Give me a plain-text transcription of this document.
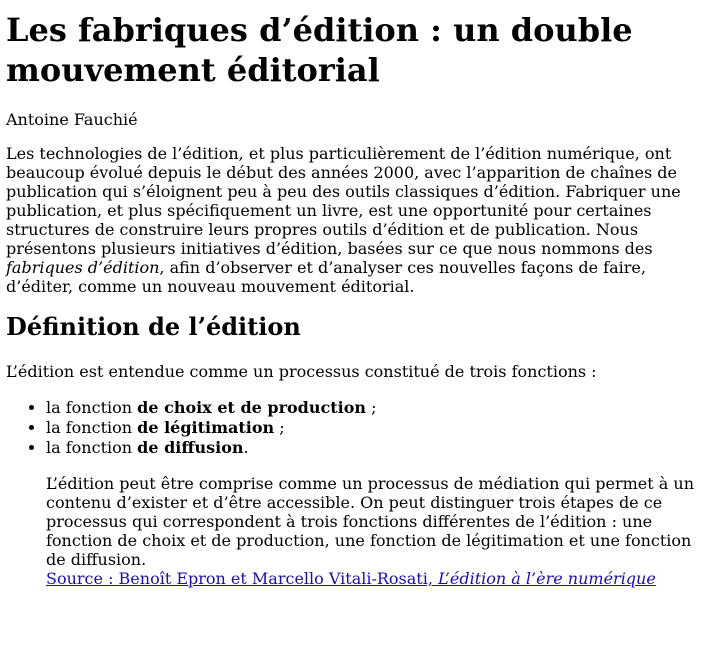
Les fabriques d’édition : un double mouvement éditorial

Antoine Fauchié

Les technologies de l’édition, et plus particulièrement de l’édition numérique, ont beaucoup évolué depuis le début des années 2000, avec l’apparition de chaînes de publication qui s’éloignent peu à peu des outils classiques d’édition. Fabriquer une publication, et plus spécifiquement un livre, est une opportunité pour certaines structures de construire leurs propres outils d’édition et de publication. Nous présentons plusieurs initiatives d’édition, basées sur ce que nous nommons des fabriques d’édition, afin d’observer et d’analyser ces nouvelles façons de faire, d’éditer, comme un nouveau mouvement éditorial.

Définition de l’édition

L’édition est entendue comme un processus constitué de trois fonctions :

• la fonction de choix et de production ;
• la fonction de légitimation ;
• la fonction de diffusion.
L’édition peut être comprise comme un processus de médiation qui permet à un contenu d’exister et d’être accessible. On peut distinguer trois étapes de ce processus qui correspondent à trois fonctions différentes de l’édition : une fonction de choix et de production, une fonction de légitimation et une fonction de diffusion.
Source : Benoît Epron et Marcello Vitali-Rosati, L’édition à l’ère numérique
